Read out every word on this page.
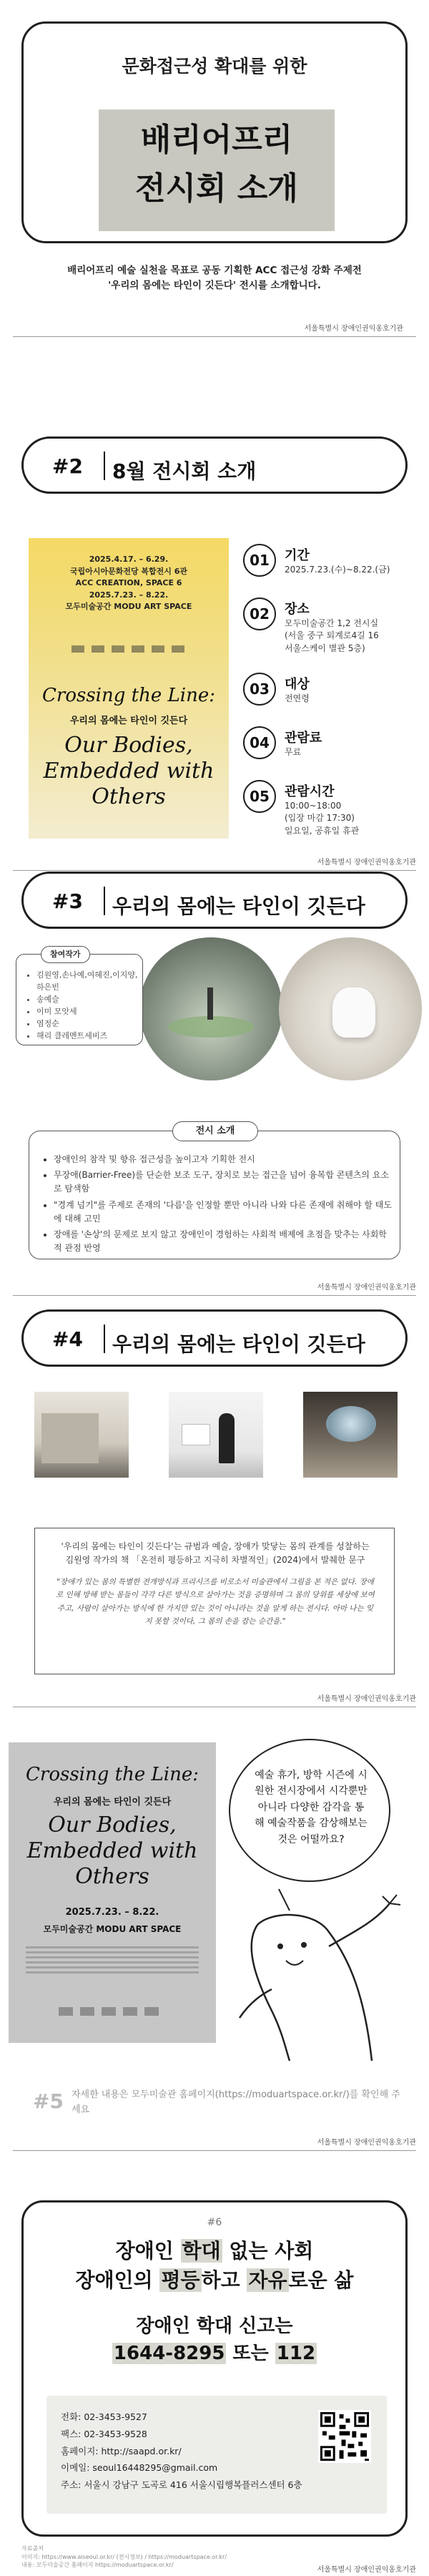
문화접근성 확대를 위한
배리어프리
전시회 소개
배리어프리 예술 실천을 목표로 공동 기획한 ACC 접근성 강화 주제전
'우리의 몸에는 타인이 깃든다' 전시를 소개합니다.
서울특별시 장애인권익옹호기관
#2 8월 전시회 소개
2025.4.17. – 6.29.
국립아시아문화전당 복합전시 6관
ACC CREATION, SPACE 6
2025.7.23. – 8.22.
모두미술공간 MODU ART SPACE
Crossing the Line:
우리의 몸에는 타인이 깃든다
Our Bodies,
Embedded with
Others
01	기간
2025.7.23.(수)~8.22.(금)
02	장소
모두미술공간 1,2 전시실
(서울 중구 퇴계로4길 16
서울스케이 별관 5층)
03	대상
전연령
04	관람료
무료
05	관람시간
10:00~18:00
(입장 마감 17:30)
일요일, 공휴일 휴관
서울특별시 장애인권익옹호기관
#3 우리의 몸에는 타인이 깃든다
참여작가
• 김원영,손나예,여혜진,이지양,하은빈
• 송예슬
• 이미 모앗세
• 염정순
• 해리 클레멘트세비즈
전시 소개
• 장애인의 참작 및 향유 접근성을 높이고자 기획한 전시
• 무장애(Barrier-Free)를 단순한 보조 도구, 장치로 보는 접근을 넘어 융복합 콘텐츠의 요소로 탐색함
• "경계 넘기"를 주제로 존재의 '다름'을 인정할 뿐만 아니라 나와 다른 존재에 취해야 할 태도에 대해 고민
• 장애를 '손상'의 문제로 보지 않고 장애인이 경험하는 사회적 배제에 초점을 맞추는 사회학적 관점 반영
서울특별시 장애인권익옹호기관
#4 우리의 몸에는 타인이 깃든다
'우리의 몸에는 타인이 깃든다'는 규범과 예술, 장애가 맞닿는 몸의 관계를 성찰하는
김원영 작가의 책 「온전히 평등하고 지극히 차별적인」(2024)에서 발췌한 문구
"장애가 있는 몸의 특별한 전개방식과 프리시즈를 비로소서 미술관에서 그림을 본 적은 없다. 장애로 인해 방해 받는 몸들이 각각 다른 방식으로 살아가는 것을 증명하며 그 몸의 당위를 세상에 보여주고, 사람이 살아가는 방식에 한 가지만 있는 것이 아니라는 것을 알게 하는 전시다. 아마 나는 잊지 못할 것이다, 그 몸의 손을 잡는 순간을."
서울특별시 장애인권익옹호기관
Crossing the Line:
우리의 몸에는 타인이 깃든다
Our Bodies,
Embedded with
Others
2025.7.23. – 8.22.
모두미술공간 MODU ART SPACE
예술 휴가, 방학 시즌에 시원한 전시장에서 시각뿐만 아니라 다양한 감각을 통해 예술작품을 감상해보는 것은 어떨까요?
#5 자세한 내용은 모두미술관 홈페이지(https://moduartspace.or.kr/)를 확인해 주세요
서울특별시 장애인권익옹호기관
#6
장애인 학대 없는 사회
장애인의 평등하고 자유로운 삶
장애인 학대 신고는
1644-8295 또는 112
전화: 02-3453-9527
팩스: 02-3453-9528
홈페이지: http://saapd.or.kr/
이메일: seoul16448295@gmail.com
주소: 서울시 강남구 도곡로 416 서울시립행복플러스센터 6층
자료출처
이미지: https://www.aiseoul.or.kr/ (전시정보) / https://moduartspace.or.kr/
내용: 모두미술공간 홈페이지 https://moduartspace.or.kr/
서울특별시 장애인권익옹호기관
